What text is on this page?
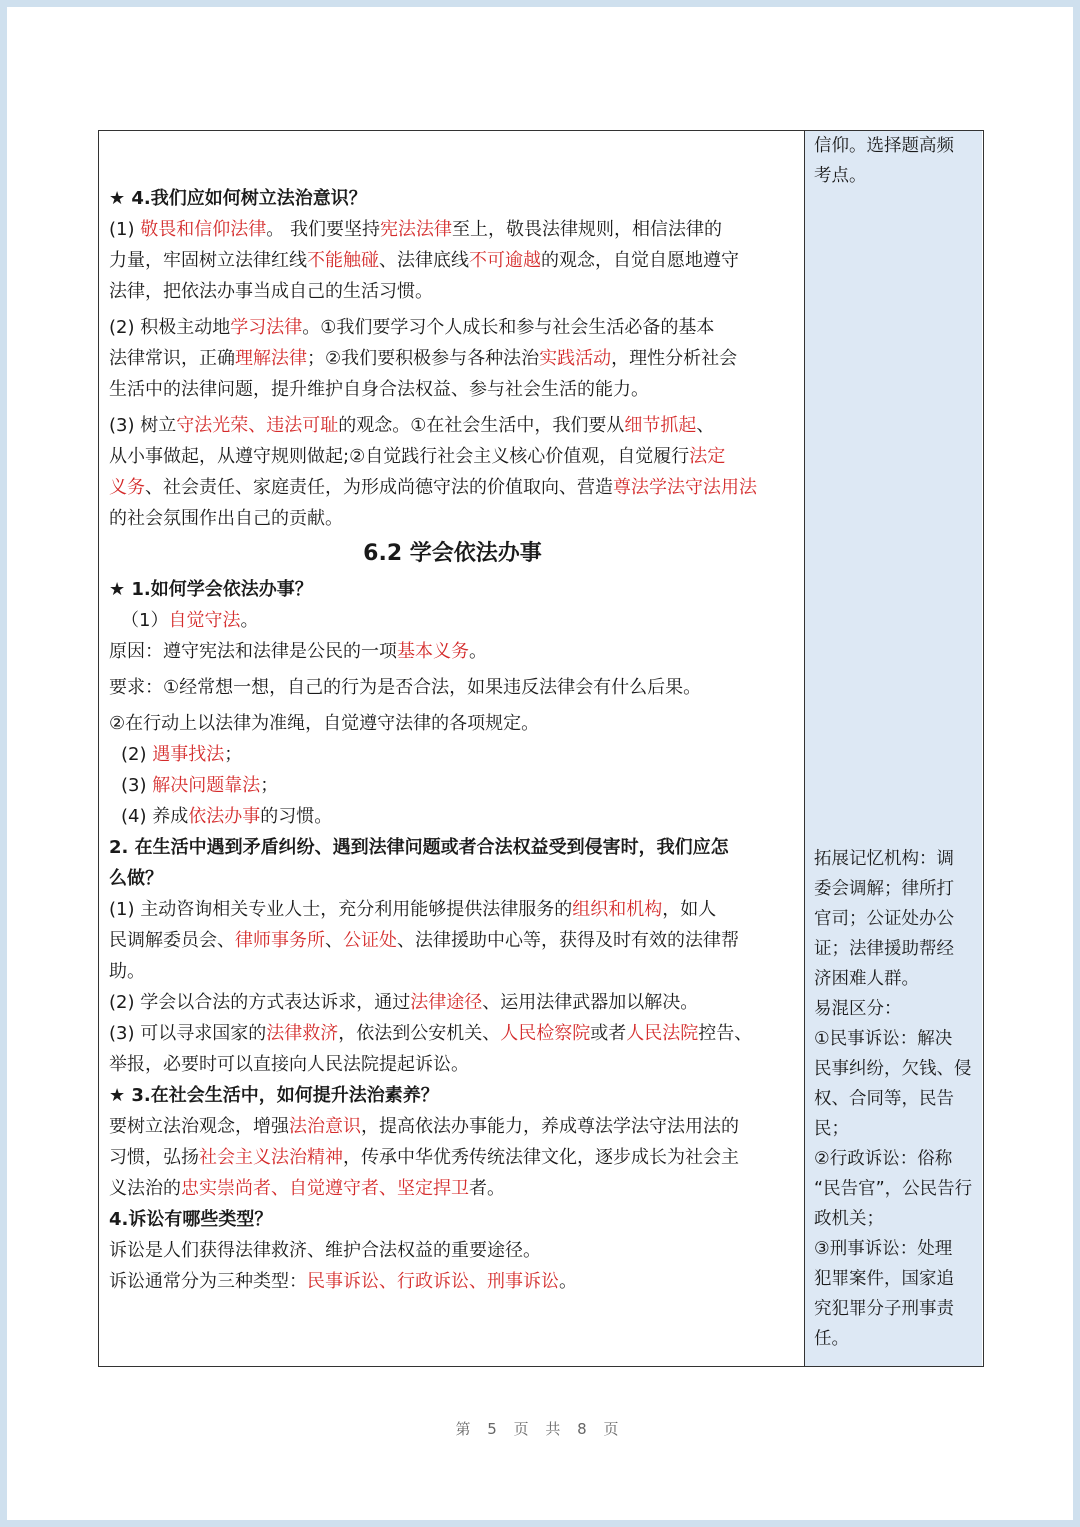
★ 4.我们应如何树立法治意识？
(1) 敬畏和信仰法律。 我们要坚持宪法法律至上，敬畏法律规则，相信法律的
力量，牢固树立法律红线不能触碰、法律底线不可逾越的观念，自觉自愿地遵守
法律，把依法办事当成自己的生活习惯。
(2) 积极主动地学习法律。①我们要学习个人成长和参与社会生活必备的基本
法律常识，正确理解法律；②我们要积极参与各种法治实践活动，理性分析社会
生活中的法律问题，提升维护自身合法权益、参与社会生活的能力。
(3) 树立守法光荣、违法可耻的观念。①在社会生活中，我们要从细节抓起、
从小事做起，从遵守规则做起;②自觉践行社会主义核心价值观，自觉履行法定
义务、社会责任、家庭责任，为形成尚德守法的价值取向、营造尊法学法守法用法
的社会氛围作出自己的贡献。
6.2 学会依法办事
★ 1.如何学会依法办事？
（1）自觉守法。
原因：遵守宪法和法律是公民的一项基本义务。
要求：①经常想一想，自己的行为是否合法，如果违反法律会有什么后果。
②在行动上以法律为准绳，自觉遵守法律的各项规定。
(2) 遇事找法；
(3) 解决问题靠法；
(4) 养成依法办事的习惯。
2. 在生活中遇到矛盾纠纷、遇到法律问题或者合法权益受到侵害时，我们应怎
么做？
(1) 主动咨询相关专业人士，充分利用能够提供法律服务的组织和机构，如人
民调解委员会、律师事务所、公证处、法律援助中心等，获得及时有效的法律帮
助。
(2) 学会以合法的方式表达诉求，通过法律途径、运用法律武器加以解决。
(3) 可以寻求国家的法律救济，依法到公安机关、人民检察院或者人民法院控告、
举报，必要时可以直接向人民法院提起诉讼。
★ 3.在社会生活中，如何提升法治素养？
要树立法治观念，增强法治意识，提高依法办事能力，养成尊法学法守法用法的
习惯，弘扬社会主义法治精神，传承中华优秀传统法律文化，逐步成长为社会主
义法治的忠实崇尚者、自觉遵守者、坚定捍卫者。
4.诉讼有哪些类型？
诉讼是人们获得法律救济、维护合法权益的重要途径。
诉讼通常分为三种类型：民事诉讼、行政诉讼、刑事诉讼。
信仰。选择题高频
考点。
拓展记忆机构：调
委会调解；律所打
官司；公证处办公
证；法律援助帮经
济困难人群。
易混区分：
①民事诉讼：解决
民事纠纷，欠钱、侵
权、合同等，民告
民；
②行政诉讼：俗称
“民告官”，公民告行
政机关；
③刑事诉讼：处理
犯罪案件，国家追
究犯罪分子刑事责
任。
第 5 页 共 8 页
